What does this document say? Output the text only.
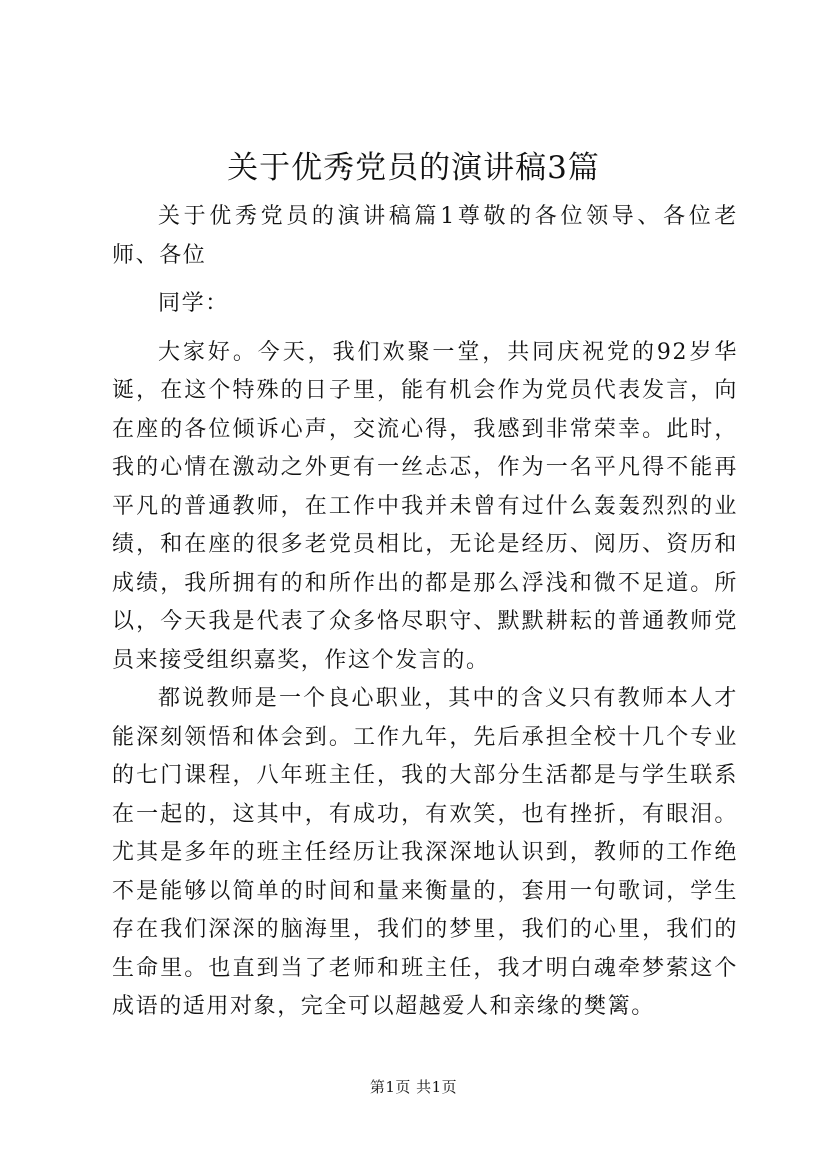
关于优秀党员的演讲稿3篇

关于优秀党员的演讲稿篇1尊敬的各位领导、各位老师、各位

同学：

大家好。今天，我们欢聚一堂，共同庆祝党的92岁华诞，在这个特殊的日子里，能有机会作为党员代表发言，向在座的各位倾诉心声，交流心得，我感到非常荣幸。此时，我的心情在激动之外更有一丝忐忑，作为一名平凡得不能再平凡的普通教师，在工作中我并未曾有过什么轰轰烈烈的业绩，和在座的很多老党员相比，无论是经历、阅历、资历和成绩，我所拥有的和所作出的都是那么浮浅和微不足道。所以，今天我是代表了众多恪尽职守、默默耕耘的普通教师党员来接受组织嘉奖，作这个发言的。

都说教师是一个良心职业，其中的含义只有教师本人才能深刻领悟和体会到。工作九年，先后承担全校十几个专业的七门课程，八年班主任，我的大部分生活都是与学生联系在一起的，这其中，有成功，有欢笑，也有挫折，有眼泪。尤其是多年的班主任经历让我深深地认识到，教师的工作绝不是能够以简单的时间和量来衡量的，套用一句歌词，学生存在我们深深的脑海里，我们的梦里，我们的心里，我们的生命里。也直到当了老师和班主任，我才明白魂牵梦萦这个成语的适用对象，完全可以超越爱人和亲缘的樊篱。

第1页 共1页
